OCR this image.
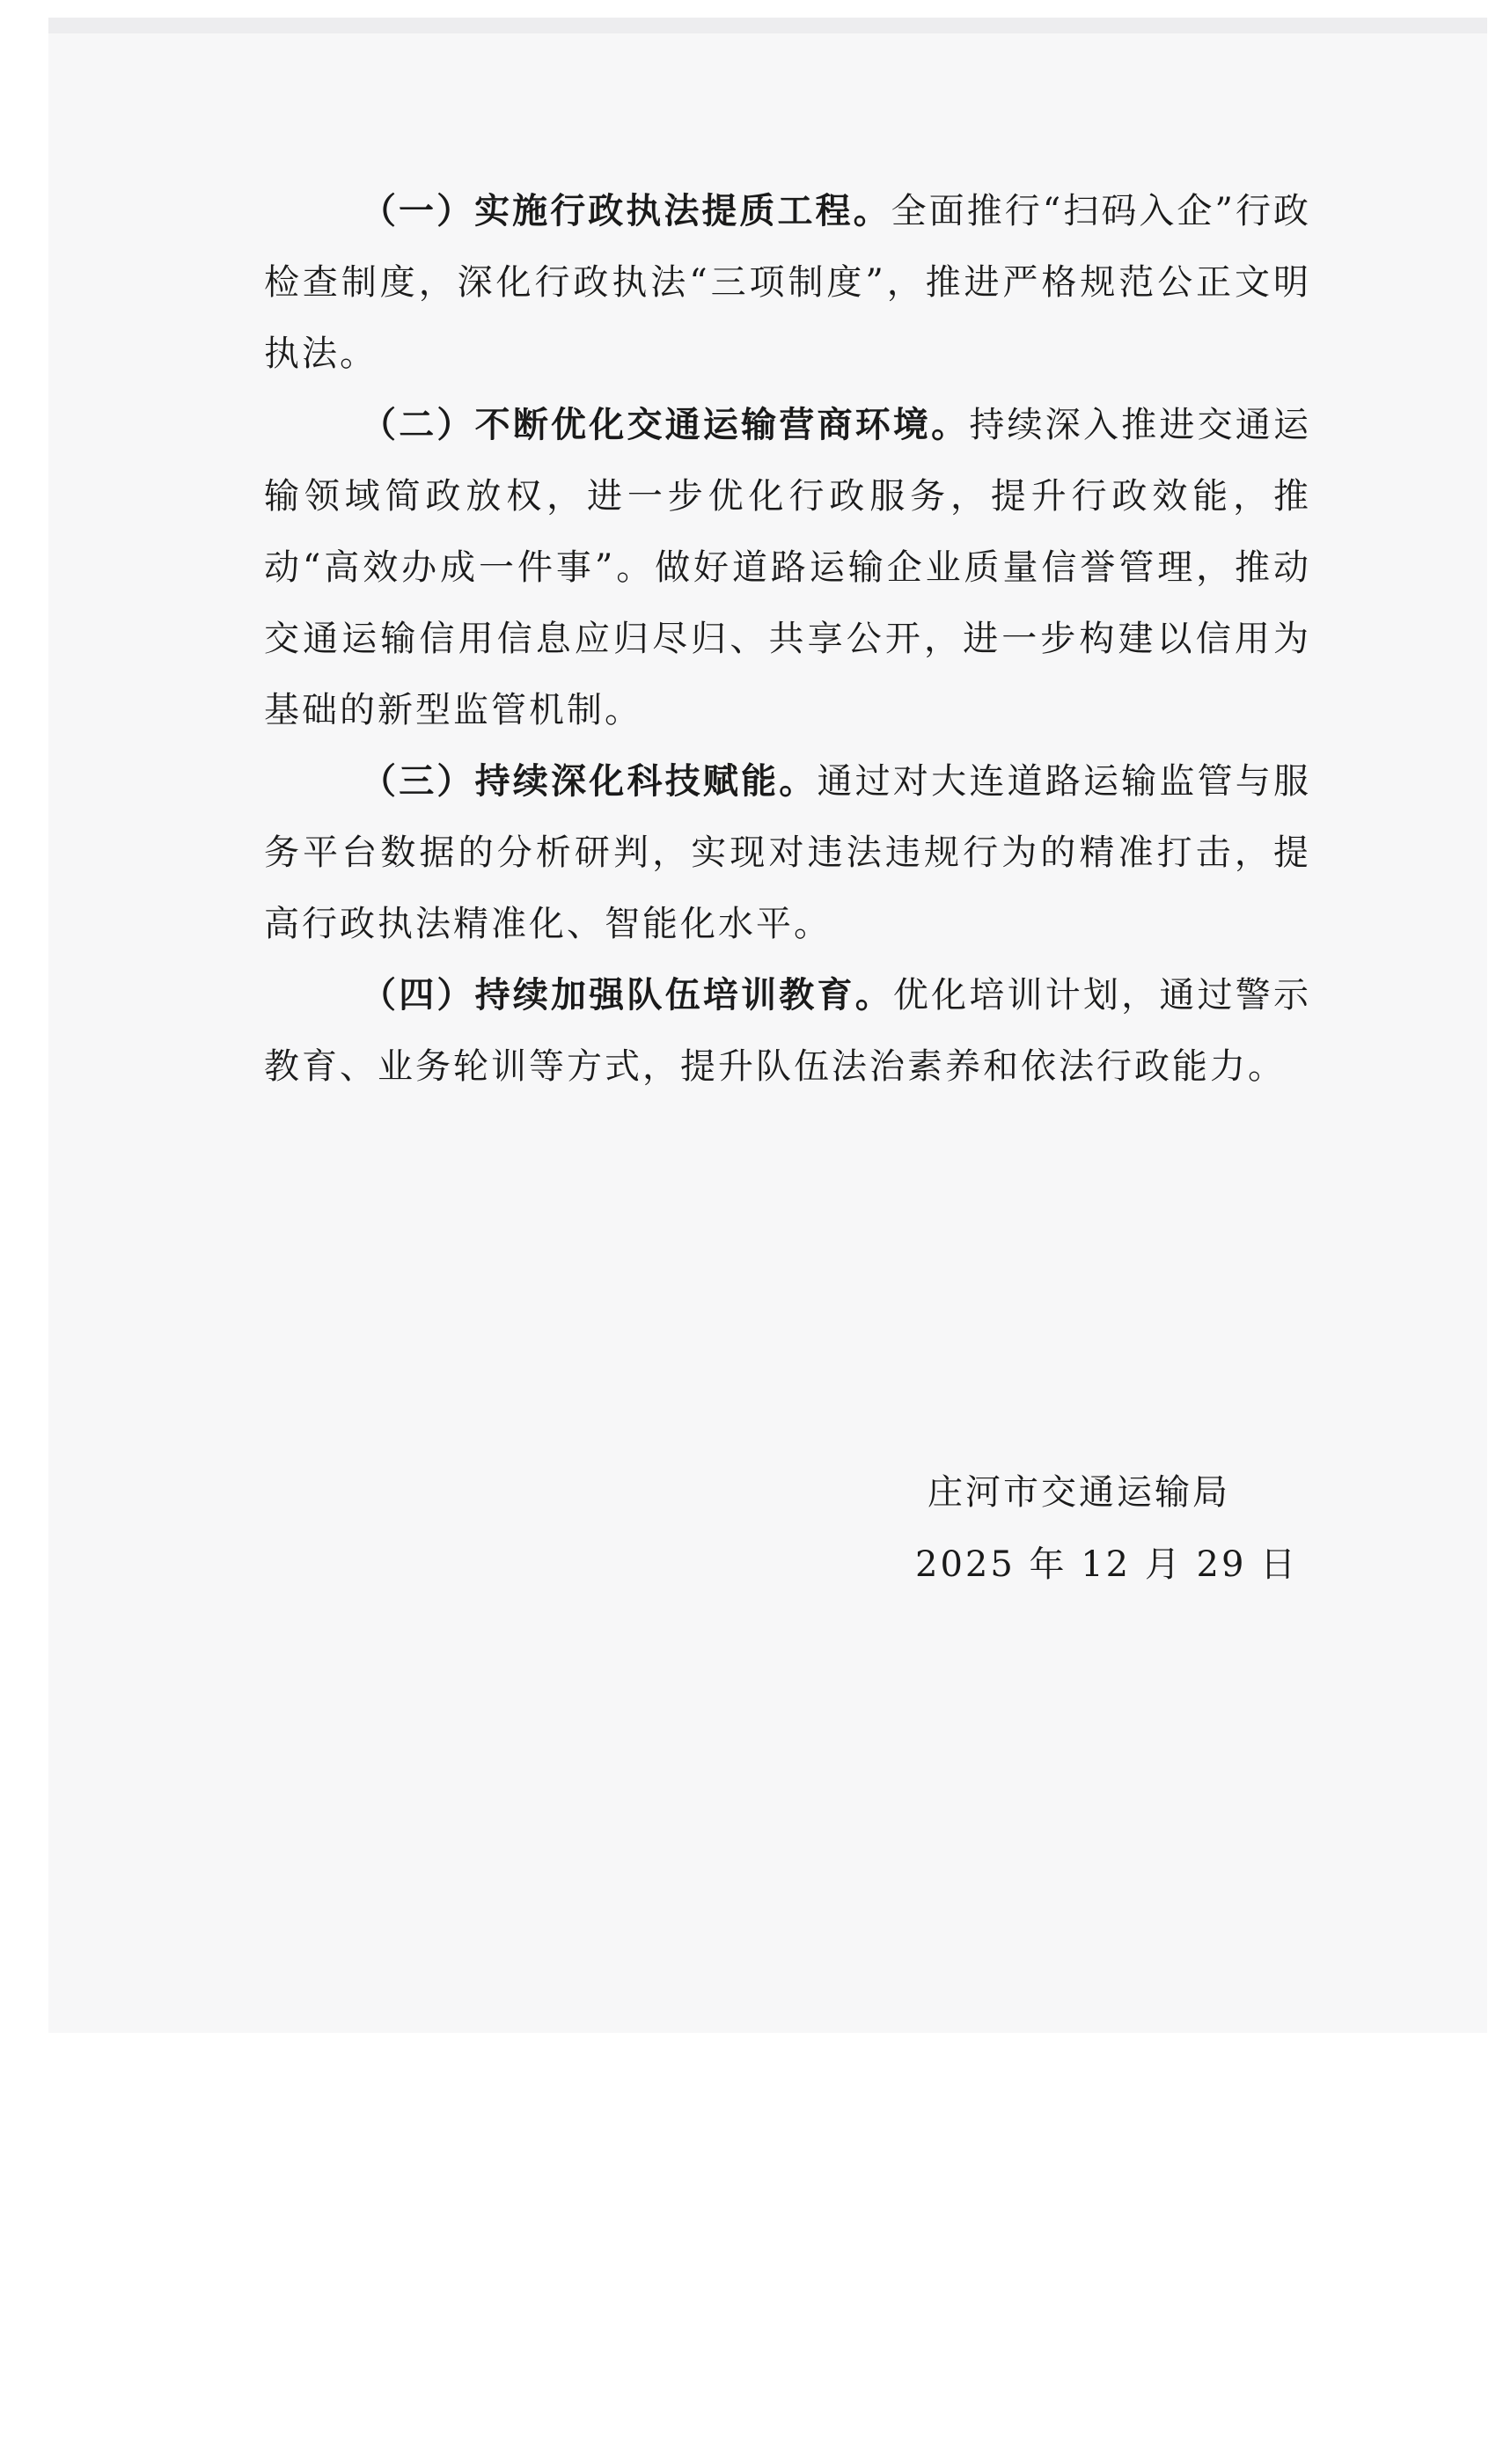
（一）实施行政执法提质工程。全面推行“扫码入企”行政检查制度，深化行政执法“三项制度”，推进严格规范公正文明执法。

（二）不断优化交通运输营商环境。持续深入推进交通运输领域简政放权，进一步优化行政服务，提升行政效能，推动“高效办成一件事”。做好道路运输企业质量信誉管理，推动交通运输信用信息应归尽归、共享公开，进一步构建以信用为基础的新型监管机制。

（三）持续深化科技赋能。通过对大连道路运输监管与服务平台数据的分析研判，实现对违法违规行为的精准打击，提高行政执法精准化、智能化水平。

（四）持续加强队伍培训教育。优化培训计划，通过警示教育、业务轮训等方式，提升队伍法治素养和依法行政能力。

庄河市交通运输局
2025 年 12 月 29 日
